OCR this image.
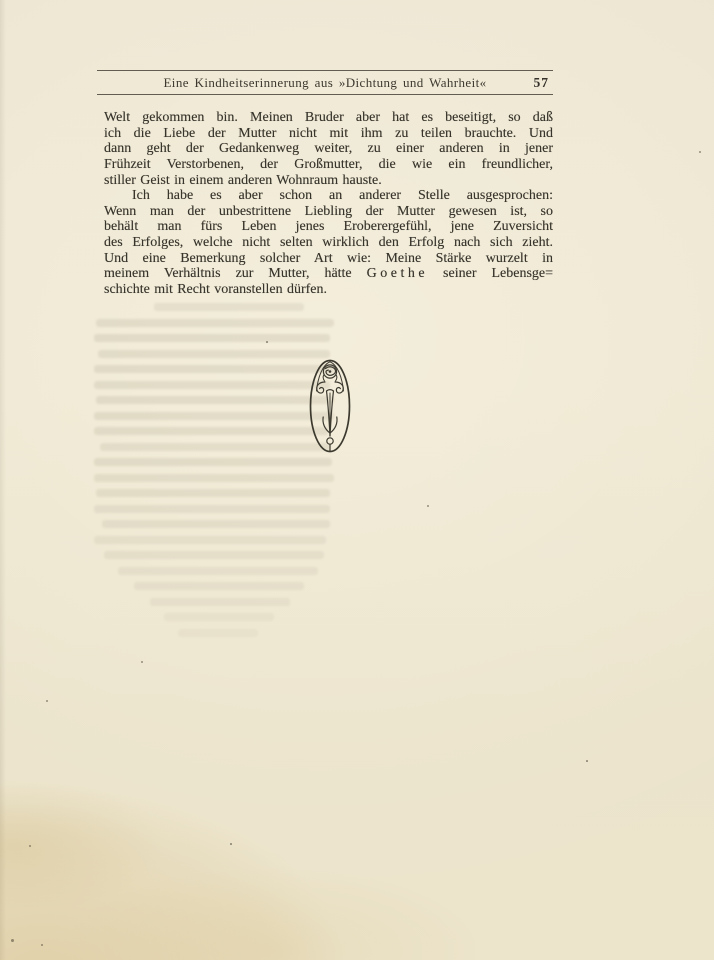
Eine Kindheitserinnerung aus »Dichtung und Wahrheit«	57
Welt gekommen bin. Meinen Bruder aber hat es beseitigt, so daß
ich die Liebe der Mutter nicht mit ihm zu teilen brauchte. Und
dann geht der Gedankenweg weiter, zu einer anderen in jener
Frühzeit Verstorbenen, der Großmutter, die wie ein freundlicher,
stiller Geist in einem anderen Wohnraum hauste.
Ich habe es aber schon an anderer Stelle ausgesprochen:
Wenn man der unbestrittene Liebling der Mutter gewesen ist, so
behält man fürs Leben jenes Eroberergefühl, jene Zuversicht
des Erfolges, welche nicht selten wirklich den Erfolg nach sich zieht.
Und eine Bemerkung solcher Art wie: Meine Stärke wurzelt in
meinem Verhältnis zur Mutter, hätte Goethe seiner Lebensge=
schichte mit Recht voranstellen dürfen.
